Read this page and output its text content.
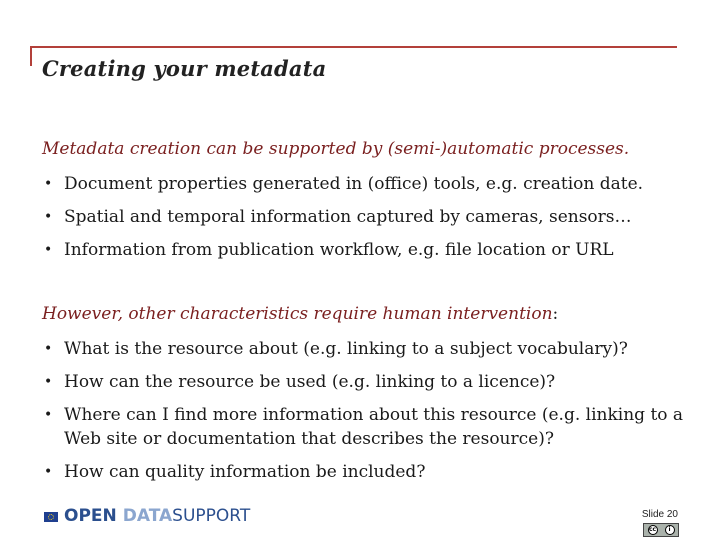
Creating your metadata
Metadata creation can be supported by (semi-)automatic processes.
• Document properties generated in (office) tools, e.g. creation date.
• Spatial and temporal information captured by cameras, sensors…
• Information from publication workflow, e.g. file location or URL
However, other characteristics require human intervention:
• What is the resource about (e.g. linking to a subject vocabulary)?
• How can the resource be used (e.g. linking to a licence)?
• Where can I find more information about this resource (e.g. linking to a Web site or documentation that describes the resource)?
• How can quality information be included?
OPEN DATA SUPPORT	Slide 20
cc	i
